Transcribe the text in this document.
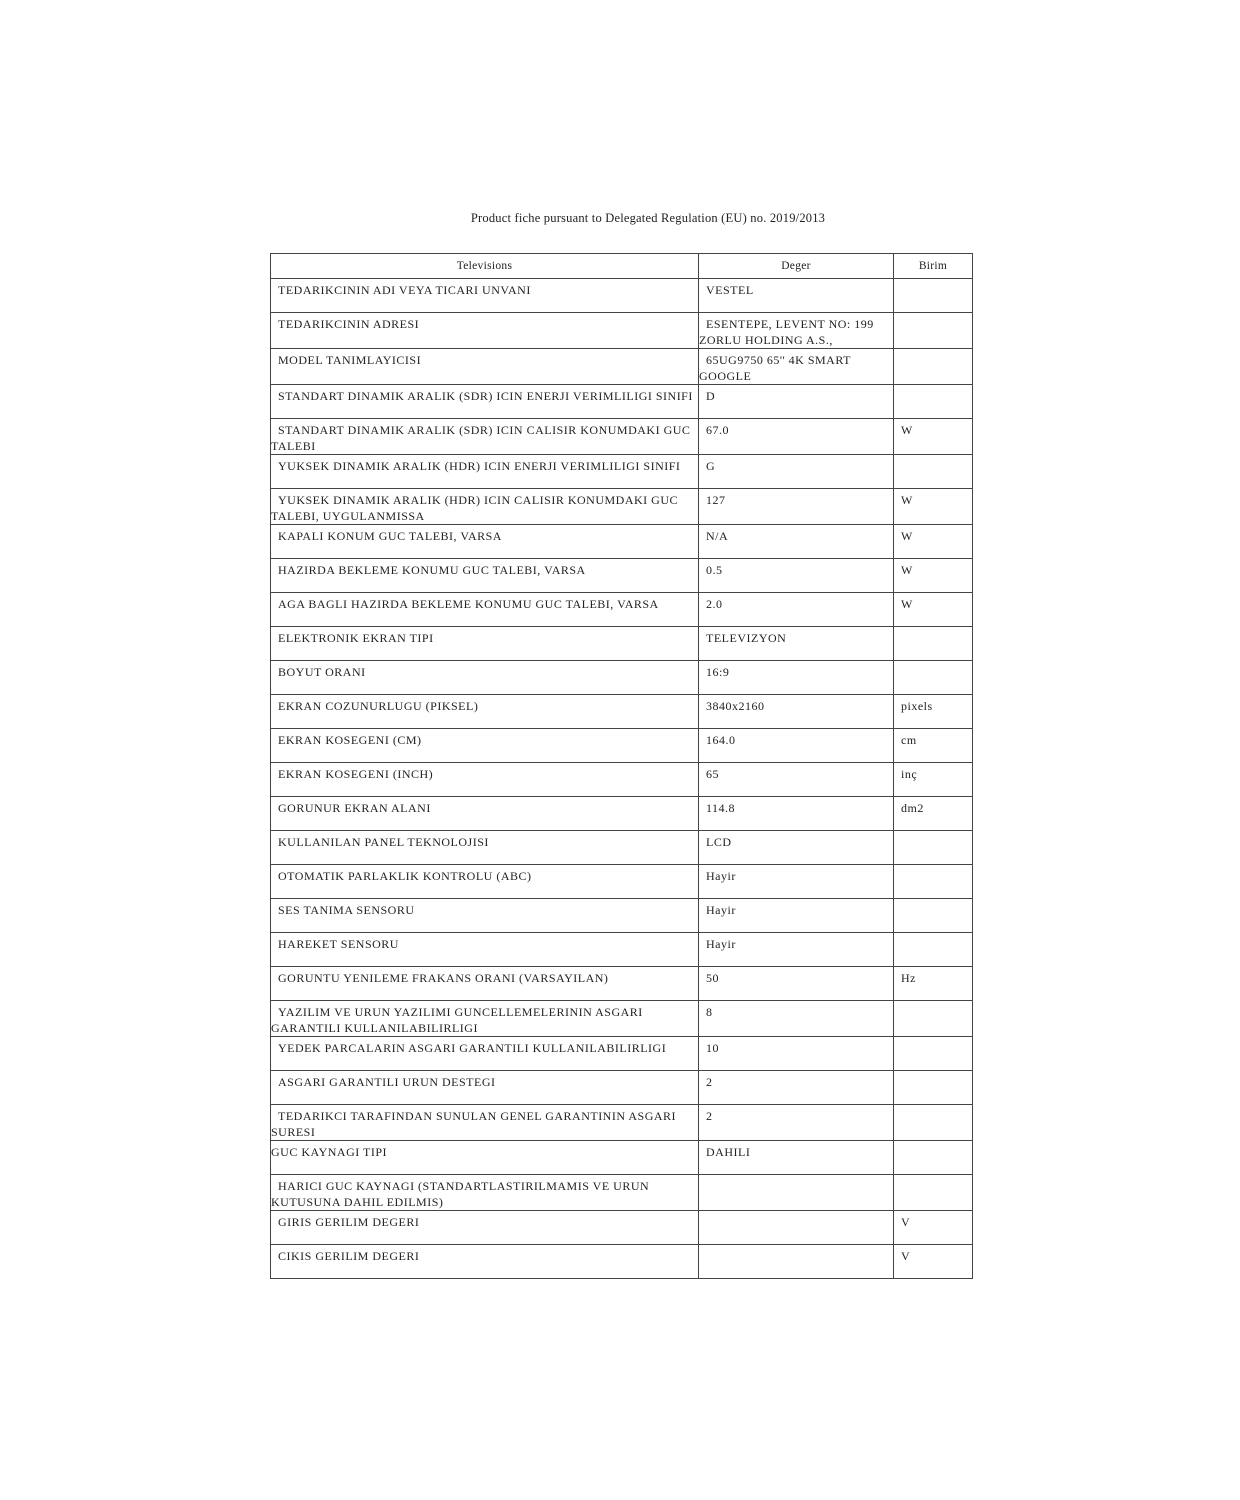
Product fiche pursuant to Delegated Regulation (EU) no. 2019/2013
Televisions	Deger	Birim

TEDARIKCININ ADI VEYA TICARI UNVANI	VESTEL	

TEDARIKCININ ADRESI	ESENTEPE, LEVENT NO: 199 ZORLU HOLDING A.S.,	

MODEL TANIMLAYICISI	65UG9750 65'' 4K SMART GOOGLE	

STANDART DINAMIK ARALIK (SDR) ICIN ENERJI VERIMLILIGI SINIFI	D	

STANDART DINAMIK ARALIK (SDR) ICIN CALISIR KONUMDAKI GUC TALEBI	67.0	W

YUKSEK DINAMIK ARALIK (HDR) ICIN ENERJI VERIMLILIGI SINIFI	G	

YUKSEK DINAMIK ARALIK (HDR) ICIN CALISIR KONUMDAKI GUC TALEBI, UYGULANMISSA	127	W

KAPALI KONUM GUC TALEBI, VARSA	N/A	W

HAZIRDA BEKLEME KONUMU GUC TALEBI, VARSA	0.5	W

AGA BAGLI HAZIRDA BEKLEME KONUMU GUC TALEBI, VARSA	2.0	W

ELEKTRONIK EKRAN TIPI	TELEVIZYON	

BOYUT ORANI	16:9	

EKRAN COZUNURLUGU (PIKSEL)	3840x2160	pixels

EKRAN KOSEGENI (CM)	164.0	cm

EKRAN KOSEGENI (INCH)	65	inç

GORUNUR EKRAN ALANI	114.8	dm2

KULLANILAN PANEL TEKNOLOJISI	LCD	

OTOMATIK PARLAKLIK KONTROLU (ABC)	Hayir	

SES TANIMA SENSORU	Hayir	

HAREKET SENSORU	Hayir	

GORUNTU YENILEME FRAKANS ORANI (VARSAYILAN)	50	Hz

YAZILIM VE URUN YAZILIMI GUNCELLEMELERININ ASGARI GARANTILI KULLANILABILIRLIGI	8	

YEDEK PARCALARIN ASGARI GARANTILI KULLANILABILIRLIGI	10	

ASGARI GARANTILI URUN DESTEGI	2	

TEDARIKCI TARAFINDAN SUNULAN GENEL GARANTININ ASGARI SURESI	2	

GUC KAYNAGI TIPI	DAHILI	

HARICI GUC KAYNAGI (STANDARTLASTIRILMAMIS VE URUN KUTUSUNA DAHIL EDILMIS)		

GIRIS GERILIM DEGERI		V

CIKIS GERILIM DEGERI		V
